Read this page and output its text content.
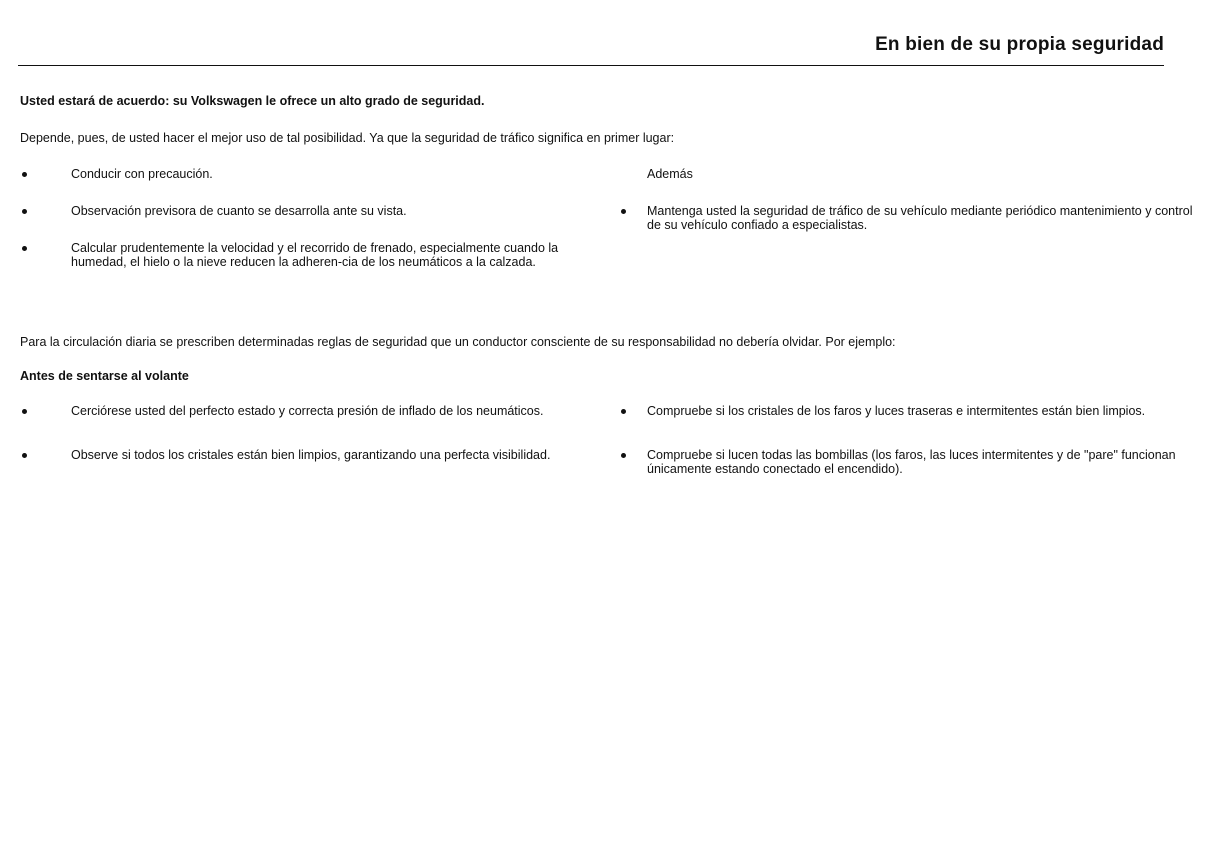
En bien de su propia seguridad
Usted estará de acuerdo: su Volkswagen le ofrece un alto grado de seguridad.
Depende, pues, de usted hacer el mejor uso de tal posibilidad. Ya que la seguridad de tráfico significa en primer lugar:
Conducir con precaución.
Observación previsora de cuanto se desarrolla ante su vista.
Calcular prudentemente la velocidad y el recorrido de frenado, especialmente cuando la humedad, el hielo o la nieve reducen la adheren-cia de los neumáticos a la calzada.
Además
Mantenga usted la seguridad de tráfico de su vehículo mediante periódico mantenimiento y control de su vehículo confiado a especialistas.
Para la circulación diaria se prescriben determinadas reglas de seguridad que un conductor consciente de su responsabilidad no debería olvidar. Por ejemplo:
Antes de sentarse al volante
Cerciórese usted del perfecto estado y correcta presión de inflado de los neumáticos.
Observe si todos los cristales están bien limpios, garantizando una perfecta visibilidad.
Compruebe si los cristales de los faros y luces traseras e intermitentes están bien limpios.
Compruebe si lucen todas las bombillas (los faros, las luces intermitentes y de "pare" funcionan únicamente estando conectado el encendido).
